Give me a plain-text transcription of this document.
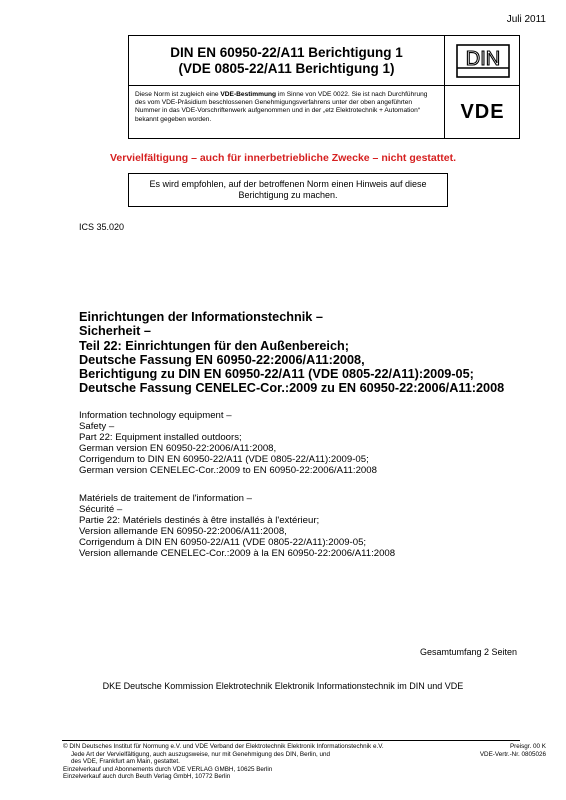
Juli 2011
DIN EN 60950-22/A11 Berichtigung 1
(VDE 0805-22/A11 Berichtigung 1)	DIN
Diese Norm ist zugleich eine VDE-Bestimmung im Sinne von VDE 0022. Sie ist nach Durchführung des vom VDE-Präsidium beschlossenen Genehmigungsverfahrens unter der oben angeführten Nummer in das VDE-Vorschriftenwerk aufgenommen und in der „etz Elektrotechnik + Automation“ bekannt gegeben worden.	VDE
Vervielfältigung – auch für innerbetriebliche Zwecke – nicht gestattet.
Es wird empfohlen, auf der betroffenen Norm einen Hinweis auf diese
Berichtigung zu machen.
ICS 35.020
Einrichtungen der Informationstechnik –
Sicherheit –
Teil 22: Einrichtungen für den Außenbereich;
Deutsche Fassung EN 60950-22:2006/A11:2008,
Berichtigung zu DIN EN 60950-22/A11 (VDE 0805-22/A11):2009-05;
Deutsche Fassung CENELEC-Cor.:2009 zu EN 60950-22:2006/A11:2008
Information technology equipment –
Safety –
Part 22: Equipment installed outdoors;
German version EN 60950-22:2006/A11:2008,
Corrigendum to DIN EN 60950-22/A11 (VDE 0805-22/A11):2009-05;
German version CENELEC-Cor.:2009 to EN 60950-22:2006/A11:2008
Matériels de traitement de l'information –
Sécurité –
Partie 22: Matériels destinés à être installés à l'extérieur;
Version allemande EN 60950-22:2006/A11:2008,
Corrigendum à DIN EN 60950-22/A11 (VDE 0805-22/A11):2009-05;
Version allemande CENELEC-Cor.:2009 à la EN 60950-22:2006/A11:2008
Gesamtumfang 2 Seiten
DKE Deutsche Kommission Elektrotechnik Elektronik Informationstechnik im DIN und VDE
© DIN Deutsches Institut für Normung e.V. und VDE Verband der Elektrotechnik Elektronik Informationstechnik e.V.
Jede Art der Vervielfältigung, auch auszugsweise, nur mit Genehmigung des DIN, Berlin, und
des VDE, Frankfurt am Main, gestattet.
Einzelverkauf und Abonnements durch VDE VERLAG GMBH, 10625 Berlin
Einzelverkauf auch durch Beuth Verlag GmbH, 10772 Berlin
Preisgr. 00 K
VDE-Vertr.-Nr. 0805026
